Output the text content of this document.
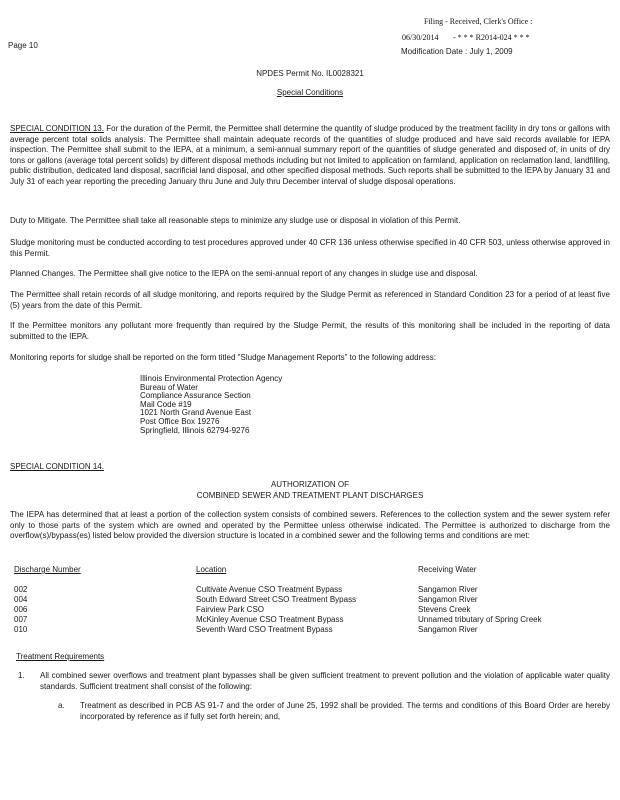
Filing - Received, Clerk's Office :
06/30/2014 - * * * R2014-024 * * *
Page 10
Modification Date : July 1, 2009
NPDES Permit No. IL0028321
Special Conditions
SPECIAL CONDITION 13. For the duration of the Permit, the Permittee shall determine the quantity of sludge produced by the treatment facility in dry tons or gallons with average percent total solids analysis. The Permittee shall maintain adequate records of the quantities of sludge produced and have said records available for IEPA inspection. The Permittee shall submit to the IEPA, at a minimum, a semi-annual summary report of the quantities of sludge generated and disposed of, in units of dry tons or gallons (average total percent solids) by different disposal methods including but not limited to application on farmland, application on reclamation land, landfilling, public distribution, dedicated land disposal, sacrificial land disposal, and other specified disposal methods. Such reports shall be submitted to the IEPA by January 31 and July 31 of each year reporting the preceding January thru June and July thru December interval of sludge disposal operations.
Duty to Mitigate. The Permittee shall take all reasonable steps to minimize any sludge use or disposal in violation of this Permit.
Sludge monitoring must be conducted according to test procedures approved under 40 CFR 136 unless otherwise specified in 40 CFR 503, unless otherwise approved in this Permit.
Planned Changes. The Permittee shall give notice to the IEPA on the semi-annual report of any changes in sludge use and disposal.
The Permittee shall retain records of all sludge monitoring, and reports required by the Sludge Permit as referenced in Standard Condition 23 for a period of at least five (5) years from the date of this Permit.
If the Permittee monitors any pollutant more frequently than required by the Sludge Permit, the results of this monitoring shall be included in the reporting of data submitted to the IEPA.
Monitoring reports for sludge shall be reported on the form titled "Sludge Management Reports" to the following address:
Illinois Environmental Protection Agency
Bureau of Water
Compliance Assurance Section
Mail Code #19
1021 North Grand Avenue East
Post Office Box 19276
Springfield, Illinois 62794-9276
SPECIAL CONDITION 14.
AUTHORIZATION OF
COMBINED SEWER AND TREATMENT PLANT DISCHARGES
The IEPA has determined that at least a portion of the collection system consists of combined sewers. References to the collection system and the sewer system refer only to those parts of the system which are owned and operated by the Permittee unless otherwise indicated. The Permittee is authorized to discharge from the overflow(s)/bypass(es) listed below provided the diversion structure is located in a combined sewer and the following terms and conditions are met:
Discharge Number	Location	Receiving Water
002	Cultivate Avenue CSO Treatment Bypass	Sangamon River
004	South Edward Street CSO Treatment Bypass	Sangamon River
006	Fairview Park CSO	Stevens Creek
007	McKinley Avenue CSO Treatment Bypass	Unnamed tributary of Spring Creek
010	Seventh Ward CSO Treatment Bypass	Sangamon River
Treatment Requirements
1. All combined sewer overflows and treatment plant bypasses shall be given sufficient treatment to prevent pollution and the violation of applicable water quality standards. Sufficient treatment shall consist of the following:
a. Treatment as described in PCB AS 91-7 and the order of June 25, 1992 shall be provided. The terms and conditions of this Board Order are hereby incorporated by reference as if fully set forth herein; and,
